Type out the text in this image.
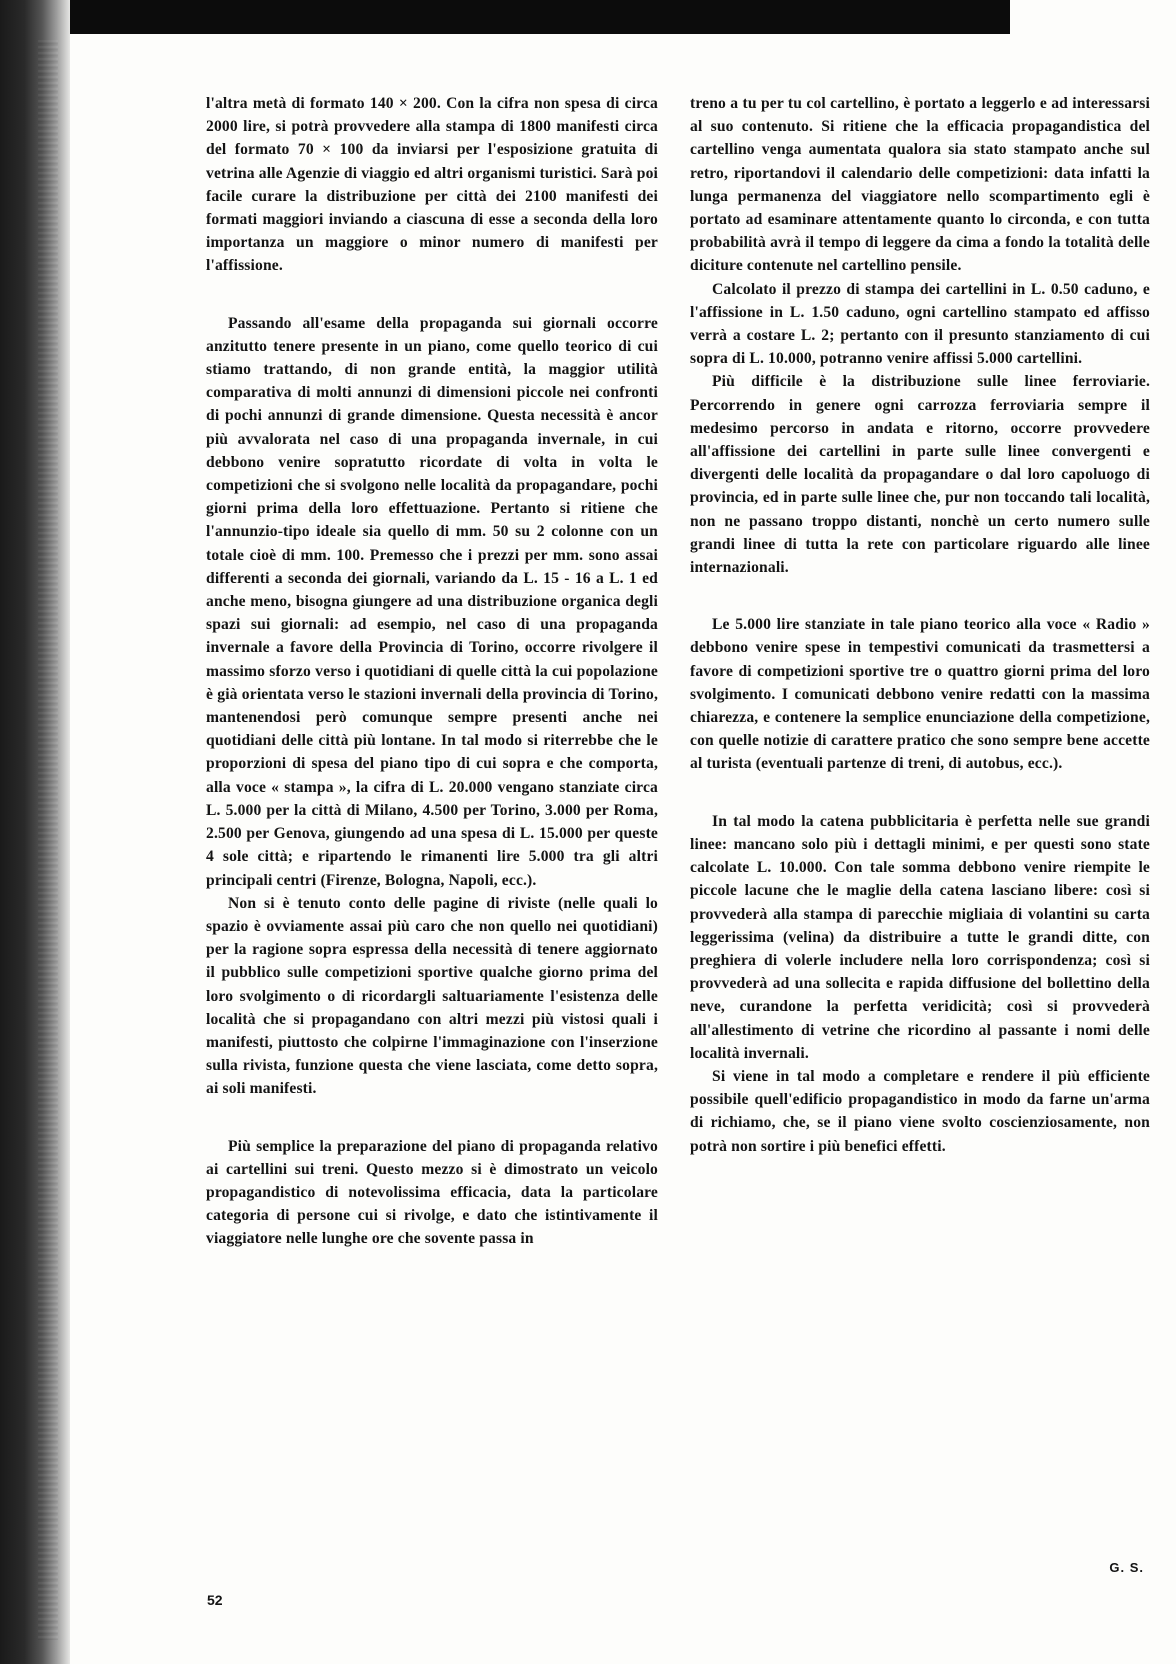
l'altra metà di formato 140 × 200. Con la cifra non spesa di circa 2000 lire, si potrà provvedere alla stampa di 1800 manifesti circa del formato 70 × 100 da inviarsi per l'esposizione gratuita di vetrina alle Agenzie di viaggio ed altri organismi turistici. Sarà poi facile curare la distribuzione per città dei 2100 manifesti dei formati maggiori inviando a ciascuna di esse a seconda della loro importanza un maggiore o minor numero di manifesti per l'affissione.

Passando all'esame della propaganda sui giornali occorre anzitutto tenere presente in un piano, come quello teorico di cui stiamo trattando, di non grande entità, la maggior utilità comparativa di molti annunzi di dimensioni piccole nei confronti di pochi annunzi di grande dimensione. Questa necessità è ancor più avvalorata nel caso di una propaganda invernale, in cui debbono venire sopratutto ricordate di volta in volta le competizioni che si svolgono nelle località da propagandare, pochi giorni prima della loro effettuazione. Pertanto si ritiene che l'annunzio-tipo ideale sia quello di mm. 50 su 2 colonne con un totale cioè di mm. 100. Premesso che i prezzi per mm. sono assai differenti a seconda dei giornali, variando da L. 15 - 16 a L. 1 ed anche meno, bisogna giungere ad una distribuzione organica degli spazi sui giornali: ad esempio, nel caso di una propaganda invernale a favore della Provincia di Torino, occorre rivolgere il massimo sforzo verso i quotidiani di quelle città la cui popolazione è già orientata verso le stazioni invernali della provincia di Torino, mantenendosi però comunque sempre presenti anche nei quotidiani delle città più lontane. In tal modo si riterrebbe che le proporzioni di spesa del piano tipo di cui sopra e che comporta, alla voce « stampa », la cifra di L. 20.000 vengano stanziate circa L. 5.000 per la città di Milano, 4.500 per Torino, 3.000 per Roma, 2.500 per Genova, giungendo ad una spesa di L. 15.000 per queste 4 sole città; e ripartendo le rimanenti lire 5.000 tra gli altri principali centri (Firenze, Bologna, Napoli, ecc.).

Non si è tenuto conto delle pagine di riviste (nelle quali lo spazio è ovviamente assai più caro che non quello nei quotidiani) per la ragione sopra espressa della necessità di tenere aggiornato il pubblico sulle competizioni sportive qualche giorno prima del loro svolgimento o di ricordargli saltuariamente l'esistenza delle località che si propagandano con altri mezzi più vistosi quali i manifesti, piuttosto che colpirne l'immaginazione con l'inserzione sulla rivista, funzione questa che viene lasciata, come detto sopra, ai soli manifesti.

Più semplice la preparazione del piano di propaganda relativo ai cartellini sui treni. Questo mezzo si è dimostrato un veicolo propagandistico di notevolissima efficacia, data la particolare categoria di persone cui si rivolge, e dato che istintivamente il viaggiatore nelle lunghe ore che sovente passa in

treno a tu per tu col cartellino, è portato a leggerlo e ad interessarsi al suo contenuto. Si ritiene che la efficacia propagandistica del cartellino venga aumentata qualora sia stato stampato anche sul retro, riportandovi il calendario delle competizioni: data infatti la lunga permanenza del viaggiatore nello scompartimento egli è portato ad esaminare attentamente quanto lo circonda, e con tutta probabilità avrà il tempo di leggere da cima a fondo la totalità delle diciture contenute nel cartellino pensile.

Calcolato il prezzo di stampa dei cartellini in L. 0.50 caduno, e l'affissione in L. 1.50 caduno, ogni cartellino stampato ed affisso verrà a costare L. 2; pertanto con il presunto stanziamento di cui sopra di L. 10.000, potranno venire affissi 5.000 cartellini.

Più difficile è la distribuzione sulle linee ferroviarie. Percorrendo in genere ogni carrozza ferroviaria sempre il medesimo percorso in andata e ritorno, occorre provvedere all'affissione dei cartellini in parte sulle linee convergenti e divergenti delle località da propagandare o dal loro capoluogo di provincia, ed in parte sulle linee che, pur non toccando tali località, non ne passano troppo distanti, nonchè un certo numero sulle grandi linee di tutta la rete con particolare riguardo alle linee internazionali.

Le 5.000 lire stanziate in tale piano teorico alla voce « Radio » debbono venire spese in tempestivi comunicati da trasmettersi a favore di competizioni sportive tre o quattro giorni prima del loro svolgimento. I comunicati debbono venire redatti con la massima chiarezza, e contenere la semplice enunciazione della competizione, con quelle notizie di carattere pratico che sono sempre bene accette al turista (eventuali partenze di treni, di autobus, ecc.).

In tal modo la catena pubblicitaria è perfetta nelle sue grandi linee: mancano solo più i dettagli minimi, e per questi sono state calcolate L. 10.000. Con tale somma debbono venire riempite le piccole lacune che le maglie della catena lasciano libere: così si provvederà alla stampa di parecchie migliaia di volantini su carta leggerissima (velina) da distribuire a tutte le grandi ditte, con preghiera di volerle includere nella loro corrispondenza; così si provvederà ad una sollecita e rapida diffusione del bollettino della neve, curandone la perfetta veridicità; così si provvederà all'allestimento di vetrine che ricordino al passante i nomi delle località invernali.

Si viene in tal modo a completare e rendere il più efficiente possibile quell'edificio propagandistico in modo da farne un'arma di richiamo, che, se il piano viene svolto coscienziosamente, non potrà non sortire i più benefici effetti.

G. S.
52
